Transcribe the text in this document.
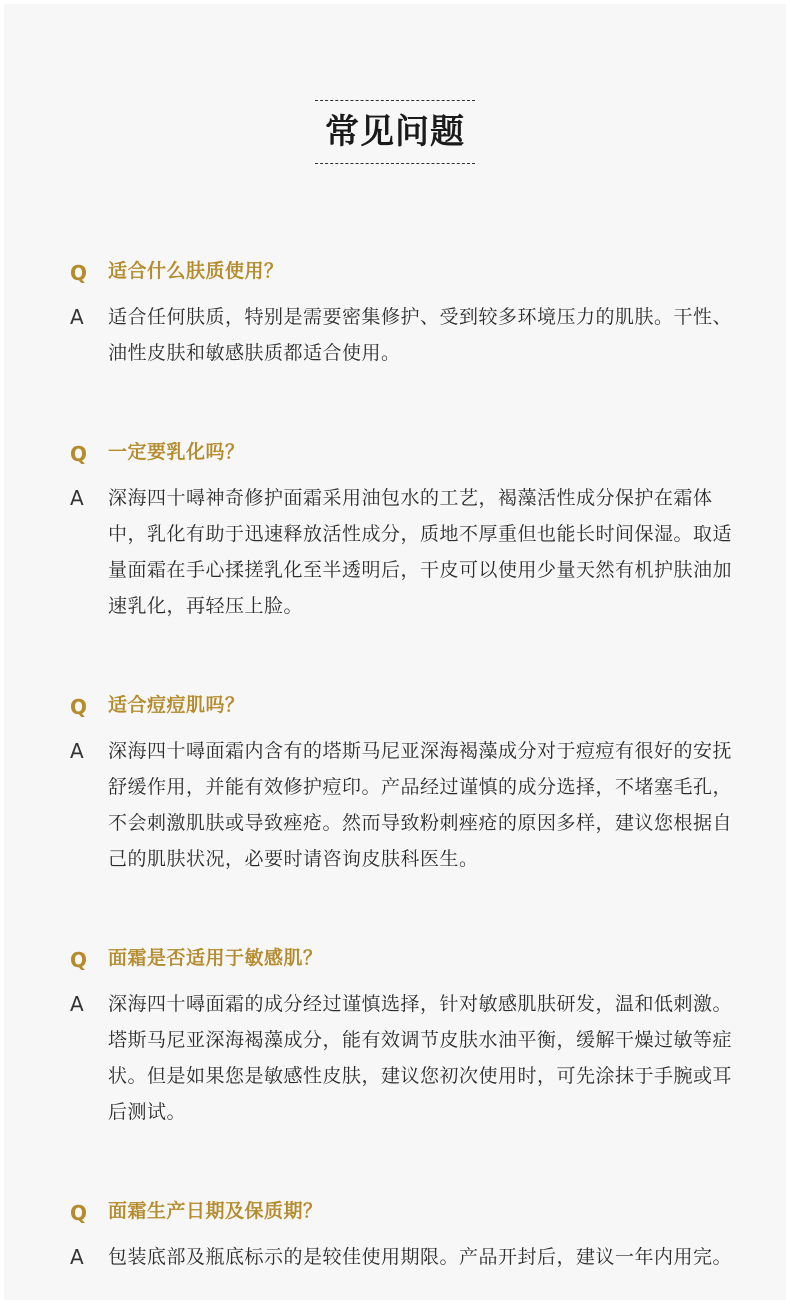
常见问题
Q	适合什么肤质使用？
A	适合任何肤质，特别是需要密集修护、受到较多环境压力的肌肤。干性、油性皮肤和敏感肤质都适合使用。
Q	一定要乳化吗？
A	深海四十噚神奇修护面霜采用油包水的工艺，褐藻活性成分保护在霜体中，乳化有助于迅速释放活性成分，质地不厚重但也能长时间保湿。取适量面霜在手心揉搓乳化至半透明后，干皮可以使用少量天然有机护肤油加速乳化，再轻压上脸。
Q	适合痘痘肌吗？
A	深海四十噚面霜内含有的塔斯马尼亚深海褐藻成分对于痘痘有很好的安抚舒缓作用，并能有效修护痘印。产品经过谨慎的成分选择，不堵塞毛孔，不会刺激肌肤或导致痤疮。然而导致粉刺痤疮的原因多样，建议您根据自己的肌肤状况，必要时请咨询皮肤科医生。
Q	面霜是否适用于敏感肌？
A	深海四十噚面霜的成分经过谨慎选择，针对敏感肌肤研发，温和低刺激。塔斯马尼亚深海褐藻成分，能有效调节皮肤水油平衡，缓解干燥过敏等症状。但是如果您是敏感性皮肤，建议您初次使用时，可先涂抹于手腕或耳后测试。
Q	面霜生产日期及保质期？
A	包装底部及瓶底标示的是较佳使用期限。产品开封后，建议一年内用完。
